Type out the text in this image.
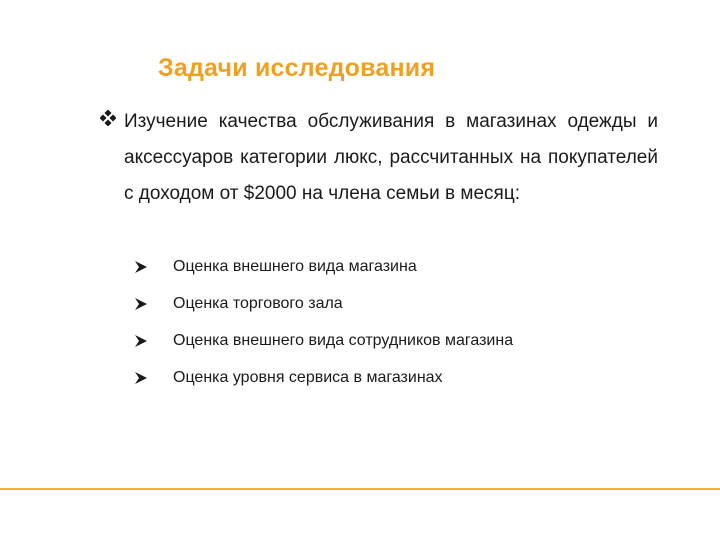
Задачи исследования
Изучение качества обслуживания в магазинах одежды и аксессуаров категории люкс, рассчитанных на покупателей с доходом от $2000 на члена семьи в месяц:
Оценка внешнего вида магазина
Оценка торгового зала
Оценка внешнего вида сотрудников магазина
Оценка уровня сервиса в магазинах
